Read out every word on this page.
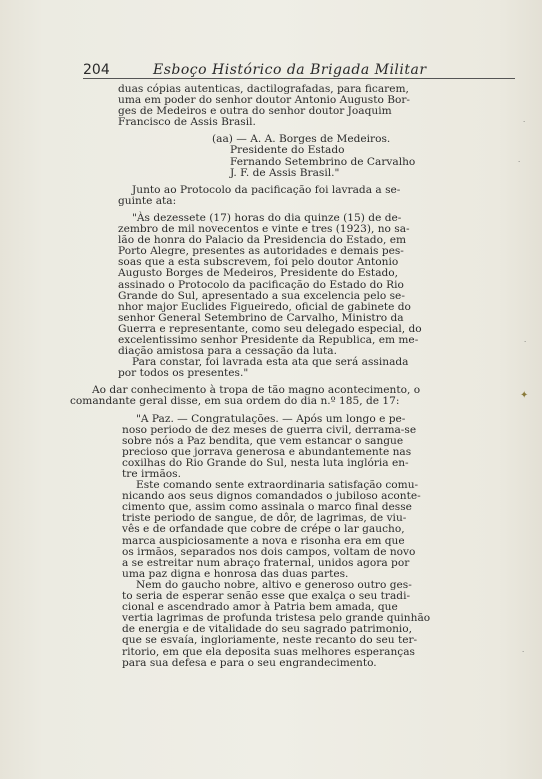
204	Esboço Histórico da Brigada Militar
duas cópias autenticas, dactilografadas, para ficarem,
uma em poder do senhor doutor Antonio Augusto Bor-
ges de Medeiros e outra do senhor doutor Joaquim
Francisco de Assis Brasil.
(aa) — A. A. Borges de Medeiros.
Presidente do Estado
Fernando Setembrino de Carvalho
J. F. de Assis Brasil."
Junto ao Protocolo da pacificação foi lavrada a se-
guinte ata:
"Às dezessete (17) horas do dia quinze (15) de de-
zembro de mil novecentos e vinte e tres (1923), no sa-
lão de honra do Palacio da Presidencia do Estado, em
Porto Alegre, presentes as autoridades e demais pes-
soas que a esta subscrevem, foi pelo doutor Antonio
Augusto Borges de Medeiros, Presidente do Estado,
assinado o Protocolo da pacificação do Estado do Rio
Grande do Sul, apresentado a sua excelencia pelo se-
nhor major Euclides Figueiredo, oficial de gabinete do
senhor General Setembrino de Carvalho, Ministro da
Guerra e representante, como seu delegado especial, do
excelentissimo senhor Presidente da Republica, em me-
diação amistosa para a cessação da luta.
Para constar, foi lavrada esta ata que será assinada
por todos os presentes."
Ao dar conhecimento à tropa de tão magno acontecimento, o
comandante geral disse, em sua ordem do dia n.º 185, de 17:
"A Paz. — Congratulações. — Após um longo e pe-
noso periodo de dez meses de guerra civil, derrama-se
sobre nós a Paz bendita, que vem estancar o sangue
precioso que jorrava generosa e abundantemente nas
coxilhas do Rio Grande do Sul, nesta luta inglória en-
tre irmãos.
Este comando sente extraordinaria satisfação comu-
nicando aos seus dignos comandados o jubiloso aconte-
cimento que, assim como assinala o marco final desse
triste periodo de sangue, de dôr, de lagrimas, de viu-
vês e de orfandade que cobre de crépe o lar gaucho,
marca auspiciosamente a nova e risonha era em que
os irmãos, separados nos dois campos, voltam de novo
a se estreitar num abraço fraternal, unidos agora por
uma paz digna e honrosa das duas partes.
Nem do gaucho nobre, altivo e generoso outro ges-
to seria de esperar senão esse que exalça o seu tradi-
cional e ascendrado amor à Patria bem amada, que
vertia lagrimas de profunda tristesa pelo grande quinhão
de energia e de vitalidade do seu sagrado patrimonio,
que se esvaía, ingloriamente, neste recanto do seu ter-
ritorio, em que ela deposita suas melhores esperanças
para sua defesa e para o seu engrandecimento.
·
·
·
✦
·
